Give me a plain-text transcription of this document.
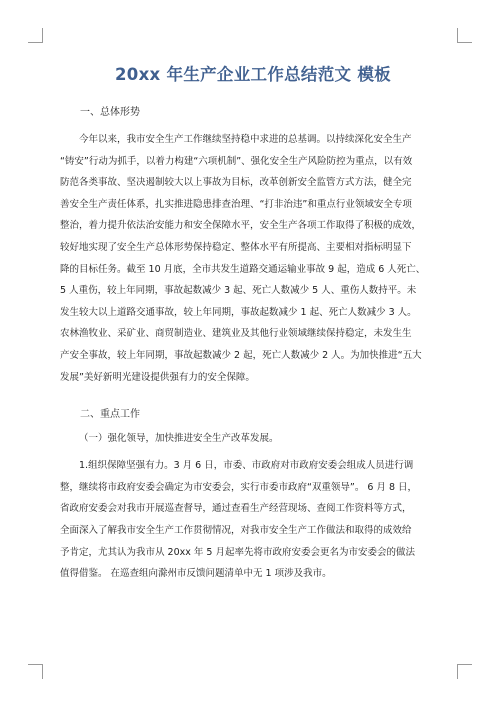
20xx 年生产企业工作总结范文 模板
一、总体形势
今年以来，我市安全生产工作继续坚持稳中求进的总基调。以持续深化安全生产
“铸安”行动为抓手，以着力构建“六项机制”、强化安全生产风险防控为重点，以有效
防范各类事故、坚决遏制较大以上事故为目标，改革创新安全监管方式方法，健全完
善安全生产责任体系，扎实推进隐患排查治理、“打非治违”和重点行业领域安全专项
整治，着力提升依法治安能力和安全保障水平，安全生产各项工作取得了积极的成效，
较好地实现了安全生产总体形势保持稳定、整体水平有所提高、主要相对指标明显下
降的目标任务。截至 10 月底，全市共发生道路交通运输业事故 9 起，造成 6 人死亡、
5 人重伤，较上年同期，事故起数减少 3 起、死亡人数减少 5 人、重伤人数持平。未
发生较大以上道路交通事故，较上年同期，事故起数减少 1 起、死亡人数减少 3 人。
农林渔牧业、采矿业、商贸制造业、建筑业及其他行业领域继续保持稳定，未发生生
产安全事故，较上年同期，事故起数减少 2 起，死亡人数减少 2 人。为加快推进“五大
发展”美好新明光建设提供强有力的安全保障。
二、重点工作
（一）强化领导，加快推进安全生产改革发展。
1.组织保障坚强有力。3 月 6 日，市委、市政府对市政府安委会组成人员进行调
整，继续将市政府安委会确定为市安委会，实行市委市政府“双重领导”。 6 月 8 日，
省政府安委会对我市开展巡查督导，通过查看生产经营现场、查阅工作资料等方式，
全面深入了解我市安全生产工作贯彻情况，对我市安全生产工作做法和取得的成效给
予肯定，尤其认为我市从 20xx 年 5 月起率先将市政府安委会更名为市安委会的做法
值得借鉴。 在巡查组向滁州市反馈问题清单中无 1 项涉及我市。
